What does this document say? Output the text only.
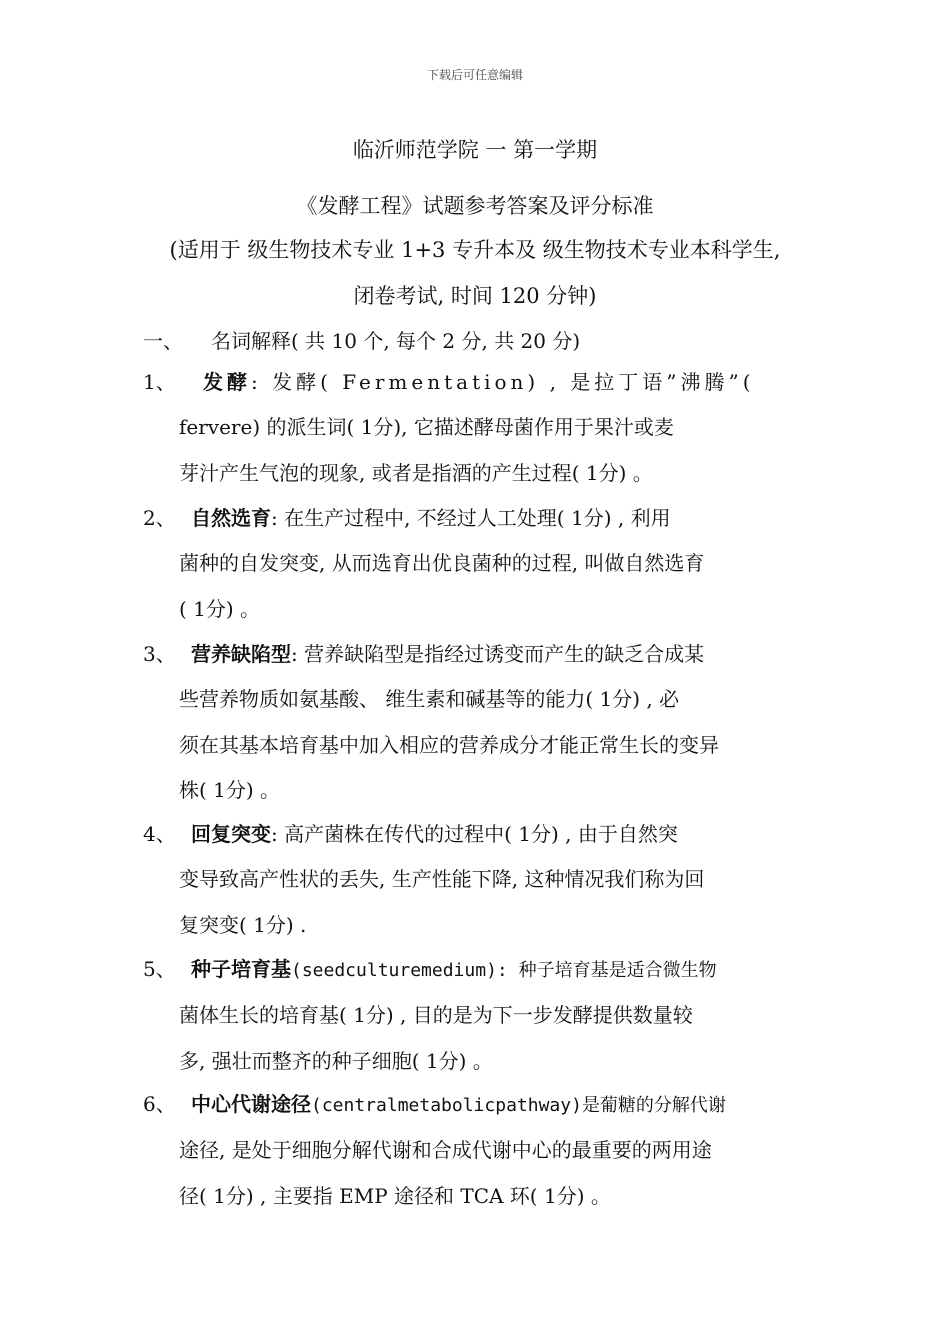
下载后可任意编辑
临沂师范学院 一 第一学期
《发酵工程》试题参考答案及评分标准
(适用于 级生物技术专业 1+3 专升本及 级生物技术专业本科学生,
闭卷考试, 时间 120 分钟)
一、 名词解释( 共 10 个, 每个 2 分, 共 20 分)
1、	发酵: 发酵( Fermentation) , 是拉丁语”沸腾”(
fervere) 的派生词( 1分), 它描述酵母菌作用于果汁或麦
芽汁产生气泡的现象, 或者是指酒的产生过程( 1分) 。
2、 自然选育: 在生产过程中, 不经过人工处理( 1分) , 利用
菌种的自发突变, 从而选育出优良菌种的过程, 叫做自然选育
( 1分) 。
3、 营养缺陷型: 营养缺陷型是指经过诱变而产生的缺乏合成某
些营养物质如氨基酸、 维生素和碱基等的能力( 1分) , 必
须在其基本培育基中加入相应的营养成分才能正常生长的变异
株( 1分) 。
4、 回复突变: 高产菌株在传代的过程中( 1分) , 由于自然突
变导致高产性状的丢失, 生产性能下降, 这种情况我们称为回
复突变( 1分) .
5、 种子培育基(seedculturemedium): 种子培育基是适合微生物
菌体生长的培育基( 1分) , 目的是为下一步发酵提供数量较
多, 强壮而整齐的种子细胞( 1分) 。
6、 中心代谢途径(centralmetabolicpathway)是葡糖的分解代谢
途径, 是处于细胞分解代谢和合成代谢中心的最重要的两用途
径( 1分) , 主要指 EMP 途径和 TCA 环( 1分) 。
